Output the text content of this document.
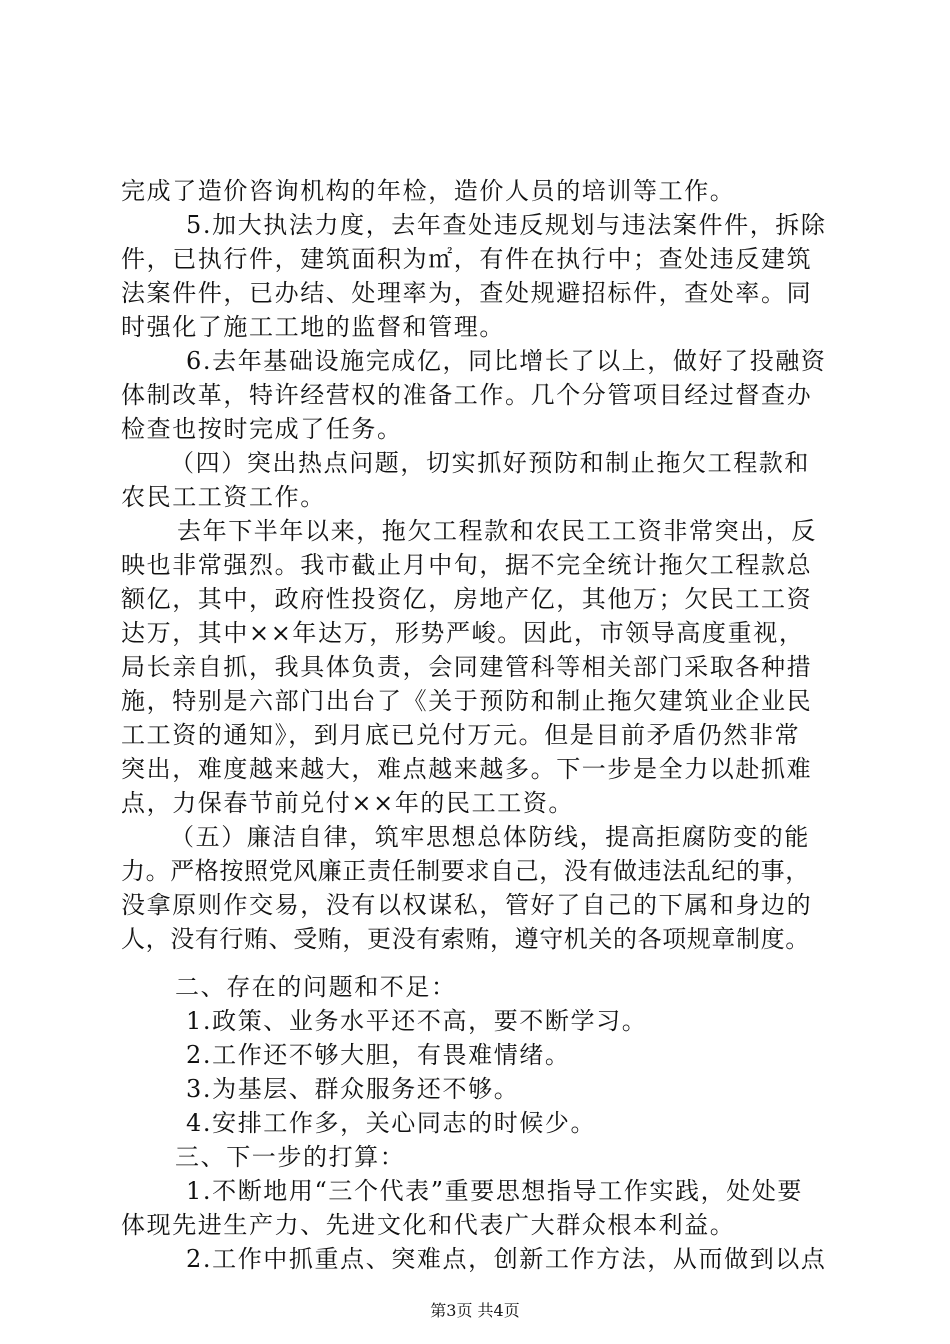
完成了造价咨询机构的年检，造价人员的培训等工作。
5.加大执法力度，去年查处违反规划与违法案件件，拆除
件，已执行件，建筑面积为㎡，有件在执行中；查处违反建筑
法案件件，已办结、处理率为，查处规避招标件，查处率。同
时强化了施工工地的监督和管理。
6.去年基础设施完成亿，同比增长了以上，做好了投融资
体制改革，特许经营权的准备工作。几个分管项目经过督查办
检查也按时完成了任务。
（四）突出热点问题，切实抓好预防和制止拖欠工程款和
农民工工资工作。
去年下半年以来，拖欠工程款和农民工工资非常突出，反
映也非常强烈。我市截止月中旬，据不完全统计拖欠工程款总
额亿，其中，政府性投资亿，房地产亿，其他万；欠民工工资
达万，其中××年达万，形势严峻。因此，市领导高度重视，
局长亲自抓，我具体负责，会同建管科等相关部门采取各种措
施，特别是六部门出台了《关于预防和制止拖欠建筑业企业民
工工资的通知》，到月底已兑付万元。但是目前矛盾仍然非常
突出，难度越来越大，难点越来越多。下一步是全力以赴抓难
点，力保春节前兑付××年的民工工资。
（五）廉洁自律，筑牢思想总体防线，提高拒腐防变的能
力。严格按照党风廉正责任制要求自己，没有做违法乱纪的事，
没拿原则作交易，没有以权谋私，管好了自己的下属和身边的
人，没有行贿、受贿，更没有索贿，遵守机关的各项规章制度。
二、存在的问题和不足：
1.政策、业务水平还不高，要不断学习。
2.工作还不够大胆，有畏难情绪。
3.为基层、群众服务还不够。
4.安排工作多，关心同志的时候少。
三、下一步的打算：
1.不断地用“三个代表”重要思想指导工作实践，处处要
体现先进生产力、先进文化和代表广大群众根本利益。
2.工作中抓重点、突难点，创新工作方法，从而做到以点
第3页 共4页
